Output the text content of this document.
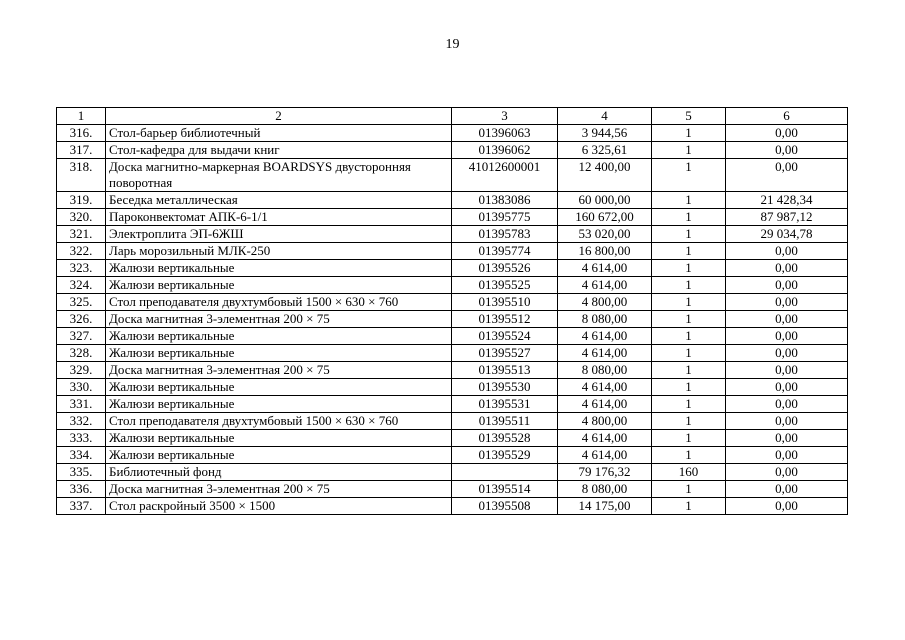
19
1	2	3	4	5	6
316.	Стол-барьер библиотечный	01396063	3 944,56	1	0,00
317.	Стол-кафедра для выдачи книг	01396062	6 325,61	1	0,00
318.	Доска магнитно-маркерная BOARDSYS двусторонняя поворотная	41012600001	12 400,00	1	0,00
319.	Беседка металлическая	01383086	60 000,00	1	21 428,34
320.	Пароконвектомат АПК-6-1/1	01395775	160 672,00	1	87 987,12
321.	Электроплита ЭП-6ЖШ	01395783	53 020,00	1	29 034,78
322.	Ларь морозильный МЛК-250	01395774	16 800,00	1	0,00
323.	Жалюзи вертикальные	01395526	4 614,00	1	0,00
324.	Жалюзи вертикальные	01395525	4 614,00	1	0,00
325.	Стол преподавателя двухтумбовый 1500 × 630 × 760	01395510	4 800,00	1	0,00
326.	Доска магнитная 3-элементная 200 × 75	01395512	8 080,00	1	0,00
327.	Жалюзи вертикальные	01395524	4 614,00	1	0,00
328.	Жалюзи вертикальные	01395527	4 614,00	1	0,00
329.	Доска магнитная 3-элементная 200 × 75	01395513	8 080,00	1	0,00
330.	Жалюзи вертикальные	01395530	4 614,00	1	0,00
331.	Жалюзи вертикальные	01395531	4 614,00	1	0,00
332.	Стол преподавателя двухтумбовый 1500 × 630 × 760	01395511	4 800,00	1	0,00
333.	Жалюзи вертикальные	01395528	4 614,00	1	0,00
334.	Жалюзи вертикальные	01395529	4 614,00	1	0,00
335.	Библиотечный фонд		79 176,32	160	0,00
336.	Доска магнитная 3-элементная 200 × 75	01395514	8 080,00	1	0,00
337.	Стол раскройный 3500 × 1500	01395508	14 175,00	1	0,00
